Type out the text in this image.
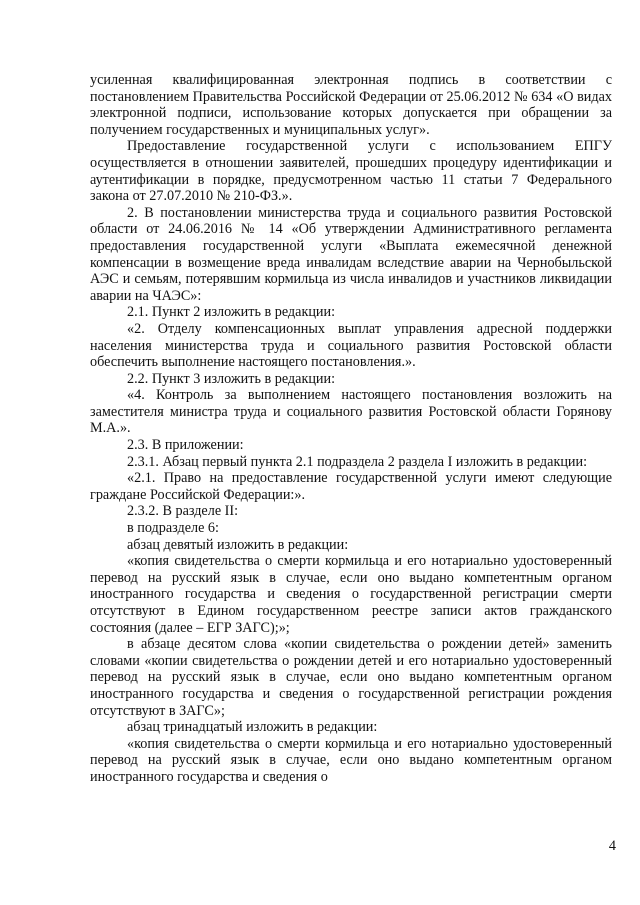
усиленная квалифицированная электронная подпись в соответствии с постановлением Правительства Российской Федерации от 25.06.2012 № 634 «О видах электронной подписи, использование которых допускается при обращении за получением государственных и муниципальных услуг».

Предоставление государственной услуги с использованием ЕПГУ осуществляется в отношении заявителей, прошедших процедуру идентификации и аутентификации в порядке, предусмотренном частью 11 статьи 7 Федерального закона от 27.07.2010 № 210-ФЗ.».

2. В постановлении министерства труда и социального развития Ростовской области от 24.06.2016 № 14 «Об утверждении Административного регламента предоставления государственной услуги «Выплата ежемесячной денежной компенсации в возмещение вреда инвалидам вследствие аварии на Чернобыльской АЭС и семьям, потерявшим кормильца из числа инвалидов и участников ликвидации аварии на ЧАЭС»:

2.1. Пункт 2 изложить в редакции:

«2. Отделу компенсационных выплат управления адресной поддержки населения министерства труда и социального развития Ростовской области обеспечить выполнение настоящего постановления.».

2.2. Пункт 3 изложить в редакции:

«4. Контроль за выполнением настоящего постановления возложить на заместителя министра труда и социального развития Ростовской области Горянову М.А.».

2.3. В приложении:

2.3.1. Абзац первый пункта 2.1 подраздела 2 раздела I изложить в редакции:

«2.1. Право на предоставление государственной услуги имеют следующие граждане Российской Федерации:».

2.3.2. В разделе II:

в подразделе 6:

абзац девятый изложить в редакции:

«копия свидетельства о смерти кормильца и его нотариально удостоверенный перевод на русский язык в случае, если оно выдано компетентным органом иностранного государства и сведения о государственной регистрации смерти отсутствуют в Едином государственном реестре записи актов гражданского состояния (далее – ЕГР ЗАГС);»;

в абзаце десятом слова «копии свидетельства о рождении детей» заменить словами «копии свидетельства о рождении детей и его нотариально удостоверенный перевод на русский язык в случае, если оно выдано компетентным органом иностранного государства и сведения о государственной регистрации рождения отсутствуют в ЗАГС»;

абзац тринадцатый изложить в редакции:

«копия свидетельства о смерти кормильца и его нотариально удостоверенный перевод на русский язык в случае, если оно выдано компетентным органом иностранного государства и сведения о

4
